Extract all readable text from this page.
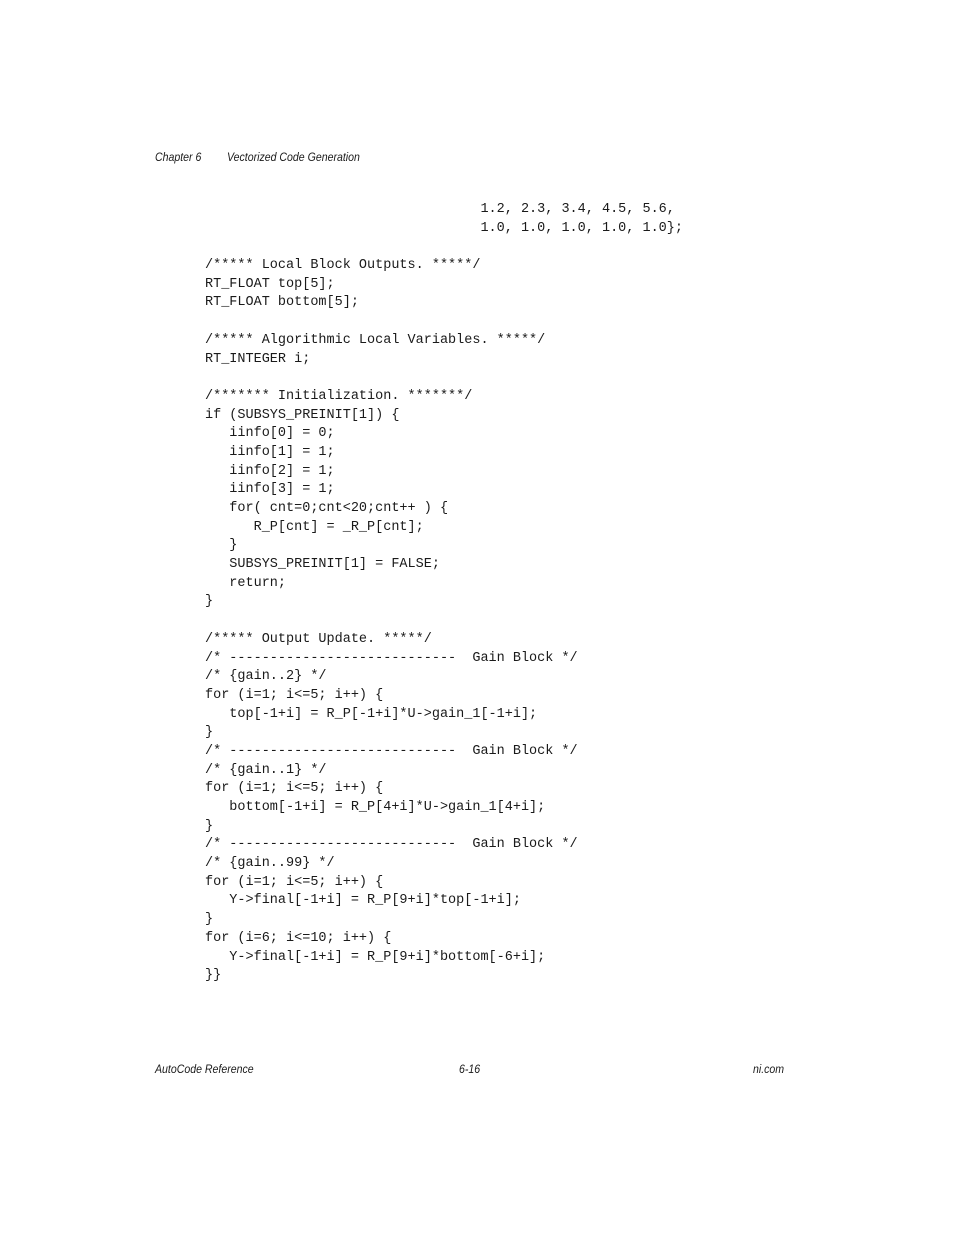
Chapter 6 Vectorized Code Generation
1.2, 2.3, 3.4, 4.5, 5.6,
1.0, 1.0, 1.0, 1.0, 1.0};
/***** Local Block Outputs. *****/
RT_FLOAT top[5];
RT_FLOAT bottom[5];
/***** Algorithmic Local Variables. *****/
RT_INTEGER i;
/******* Initialization. *******/
if (SUBSYS_PREINIT[1]) {
iinfo[0] = 0;
iinfo[1] = 1;
iinfo[2] = 1;
iinfo[3] = 1;
for( cnt=0;cnt<20;cnt++ ) {
R_P[cnt] = _R_P[cnt];
}
SUBSYS_PREINIT[1] = FALSE;
return;
}
/***** Output Update. *****/
/* ----------------------------  Gain Block */
/* {gain..2} */
for (i=1; i<=5; i++) {
top[-1+i] = R_P[-1+i]*U->gain_1[-1+i];
}
/* ----------------------------  Gain Block */
/* {gain..1} */
for (i=1; i<=5; i++) {
bottom[-1+i] = R_P[4+i]*U->gain_1[4+i];
}
/* ----------------------------  Gain Block */
/* {gain..99} */
for (i=1; i<=5; i++) {
Y->final[-1+i] = R_P[9+i]*top[-1+i];
}
for (i=6; i<=10; i++) {
Y->final[-1+i] = R_P[9+i]*bottom[-6+i];
}}
AutoCode Reference	6-16	ni.com
